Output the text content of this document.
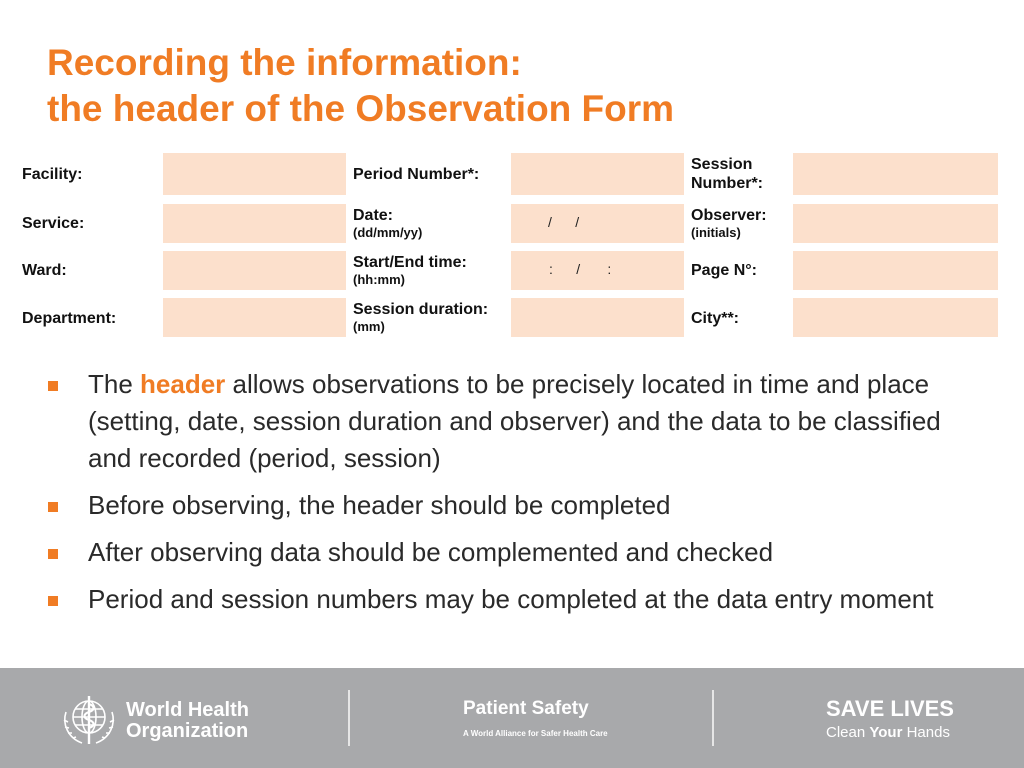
Recording the information:
the header of the Observation Form
Facility:
Service:
Ward:
Department:
Period Number*:
Date:
(dd/mm/yy)
Start/End time:
(hh:mm)
Session duration:
(mm)
/      /
:      /       :
Session
Number*:
Observer:
(initials)
Page N°:
City**:
The header allows observations to be precisely located in time and place (setting, date, session duration and observer) and the data to be classified and recorded (period, session)
Before observing, the header should be completed
After observing data should be complemented and checked
Period and session numbers may be completed at the data entry moment
World Health
Organization
Patient Safety
A World Alliance for Safer Health Care
SAVE LIVES
Clean Your Hands
